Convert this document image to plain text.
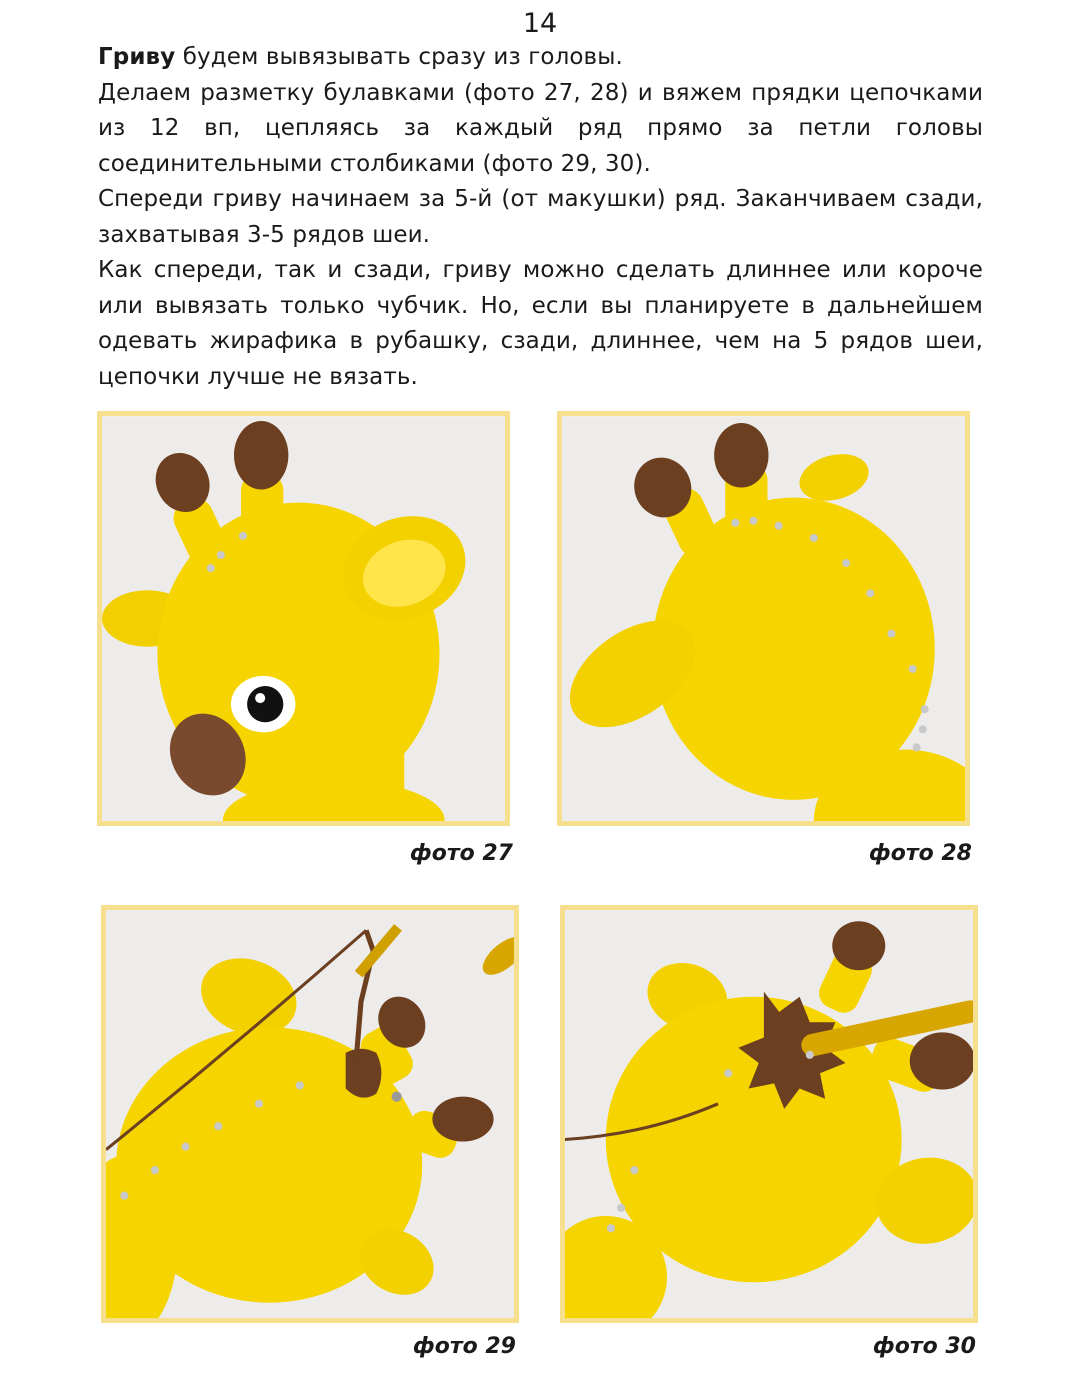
14

Гриву будем вывязывать сразу из головы.

Делаем разметку булавками (фото 27, 28) и вяжем прядки цепочками из 12 вп, цепляясь за каждый ряд прямо за петли головы соединительными столбиками (фото 29, 30).

Спереди гриву начинаем за 5-й (от макушки) ряд. Заканчиваем сзади, захватывая 3-5 рядов шеи.

Как спереди, так и сзади, гриву можно сделать длиннее или короче или вывязать только чубчик. Но, если вы планируете в дальнейшем одевать жирафика в рубашку, сзади, длиннее, чем на 5 рядов шеи, цепочки лучше не вязать.

фото 27	фото 28
фото 29	фото 30
